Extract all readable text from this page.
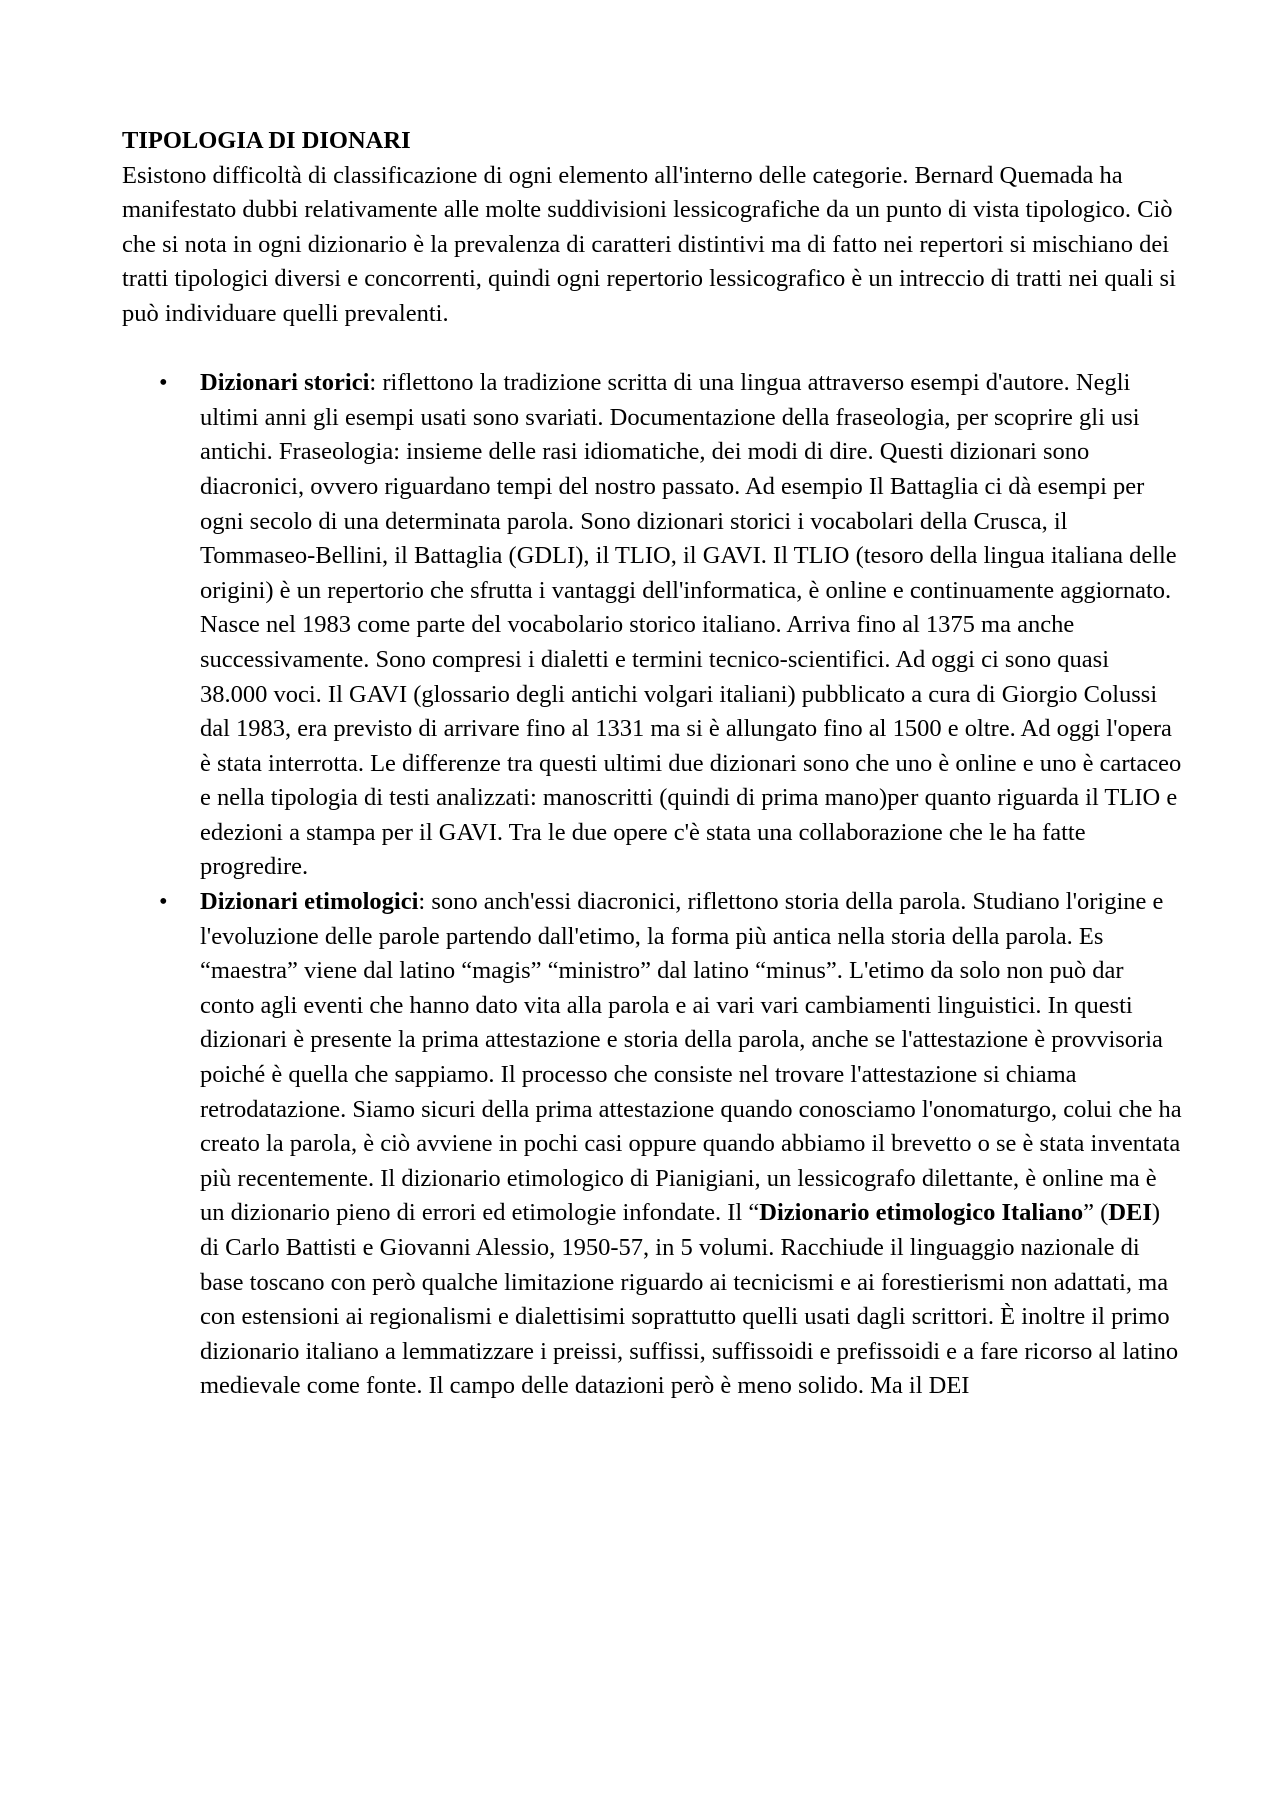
TIPOLOGIA DI DIONARI

Esistono difficoltà di classificazione di ogni elemento all'interno delle categorie. Bernard Quemada ha manifestato dubbi relativamente alle molte suddivisioni lessicografiche da un punto di vista tipologico. Ciò che si nota in ogni dizionario è la prevalenza di caratteri distintivi ma di fatto nei repertori si mischiano dei tratti tipologici diversi e concorrenti, quindi ogni repertorio lessicografico è un intreccio di tratti nei quali si può individuare quelli prevalenti.

• Dizionari storici: riflettono la tradizione scritta di una lingua attraverso esempi d'autore. Negli ultimi anni gli esempi usati sono svariati. Documentazione della fraseologia, per scoprire gli usi antichi. Fraseologia: insieme delle rasi idiomatiche, dei modi di dire. Questi dizionari sono diacronici, ovvero riguardano tempi del nostro passato. Ad esempio Il Battaglia ci dà esempi per ogni secolo di una determinata parola. Sono dizionari storici i vocabolari della Crusca, il Tommaseo-Bellini, il Battaglia (GDLI), il TLIO, il GAVI. Il TLIO (tesoro della lingua italiana delle origini) è un repertorio che sfrutta i vantaggi dell'informatica, è online e continuamente aggiornato. Nasce nel 1983 come parte del vocabolario storico italiano. Arriva fino al 1375 ma anche successivamente. Sono compresi i dialetti e termini tecnico-scientifici. Ad oggi ci sono quasi 38.000 voci. Il GAVI (glossario degli antichi volgari italiani) pubblicato a cura di Giorgio Colussi dal 1983, era previsto di arrivare fino al 1331 ma si è allungato fino al 1500 e oltre. Ad oggi l'opera è stata interrotta. Le differenze tra questi ultimi due dizionari sono che uno è online e uno è cartaceo e nella tipologia di testi analizzati: manoscritti (quindi di prima mano)per quanto riguarda il TLIO e edezioni a stampa per il GAVI. Tra le due opere c'è stata una collaborazione che le ha fatte progredire.
• Dizionari etimologici: sono anch'essi diacronici, riflettono storia della parola. Studiano l'origine e l'evoluzione delle parole partendo dall'etimo, la forma più antica nella storia della parola. Es “maestra” viene dal latino “magis” “ministro” dal latino “minus”. L'etimo da solo non può dar conto agli eventi che hanno dato vita alla parola e ai vari vari cambiamenti linguistici. In questi dizionari è presente la prima attestazione e storia della parola, anche se l'attestazione è provvisoria poiché è quella che sappiamo. Il processo che consiste nel trovare l'attestazione si chiama retrodatazione. Siamo sicuri della prima attestazione quando conosciamo l'onomaturgo, colui che ha creato la parola, è ciò avviene in pochi casi oppure quando abbiamo il brevetto o se è stata inventata più recentemente. Il dizionario etimologico di Pianigiani, un lessicografo dilettante, è online ma è un dizionario pieno di errori ed etimologie infondate. Il “Dizionario etimologico Italiano” (DEI) di Carlo Battisti e Giovanni Alessio, 1950-57, in 5 volumi. Racchiude il linguaggio nazionale di base toscano con però qualche limitazione riguardo ai tecnicismi e ai forestierismi non adattati, ma con estensioni ai regionalismi e dialettisimi soprattutto quelli usati dagli scrittori. È inoltre il primo dizionario italiano a lemmatizzare i preiss​i, suffissi, suffissoidi e prefissoidi e a fare ricorso al latino medievale come fonte. Il campo delle datazioni però è meno solido. Ma il DEI
